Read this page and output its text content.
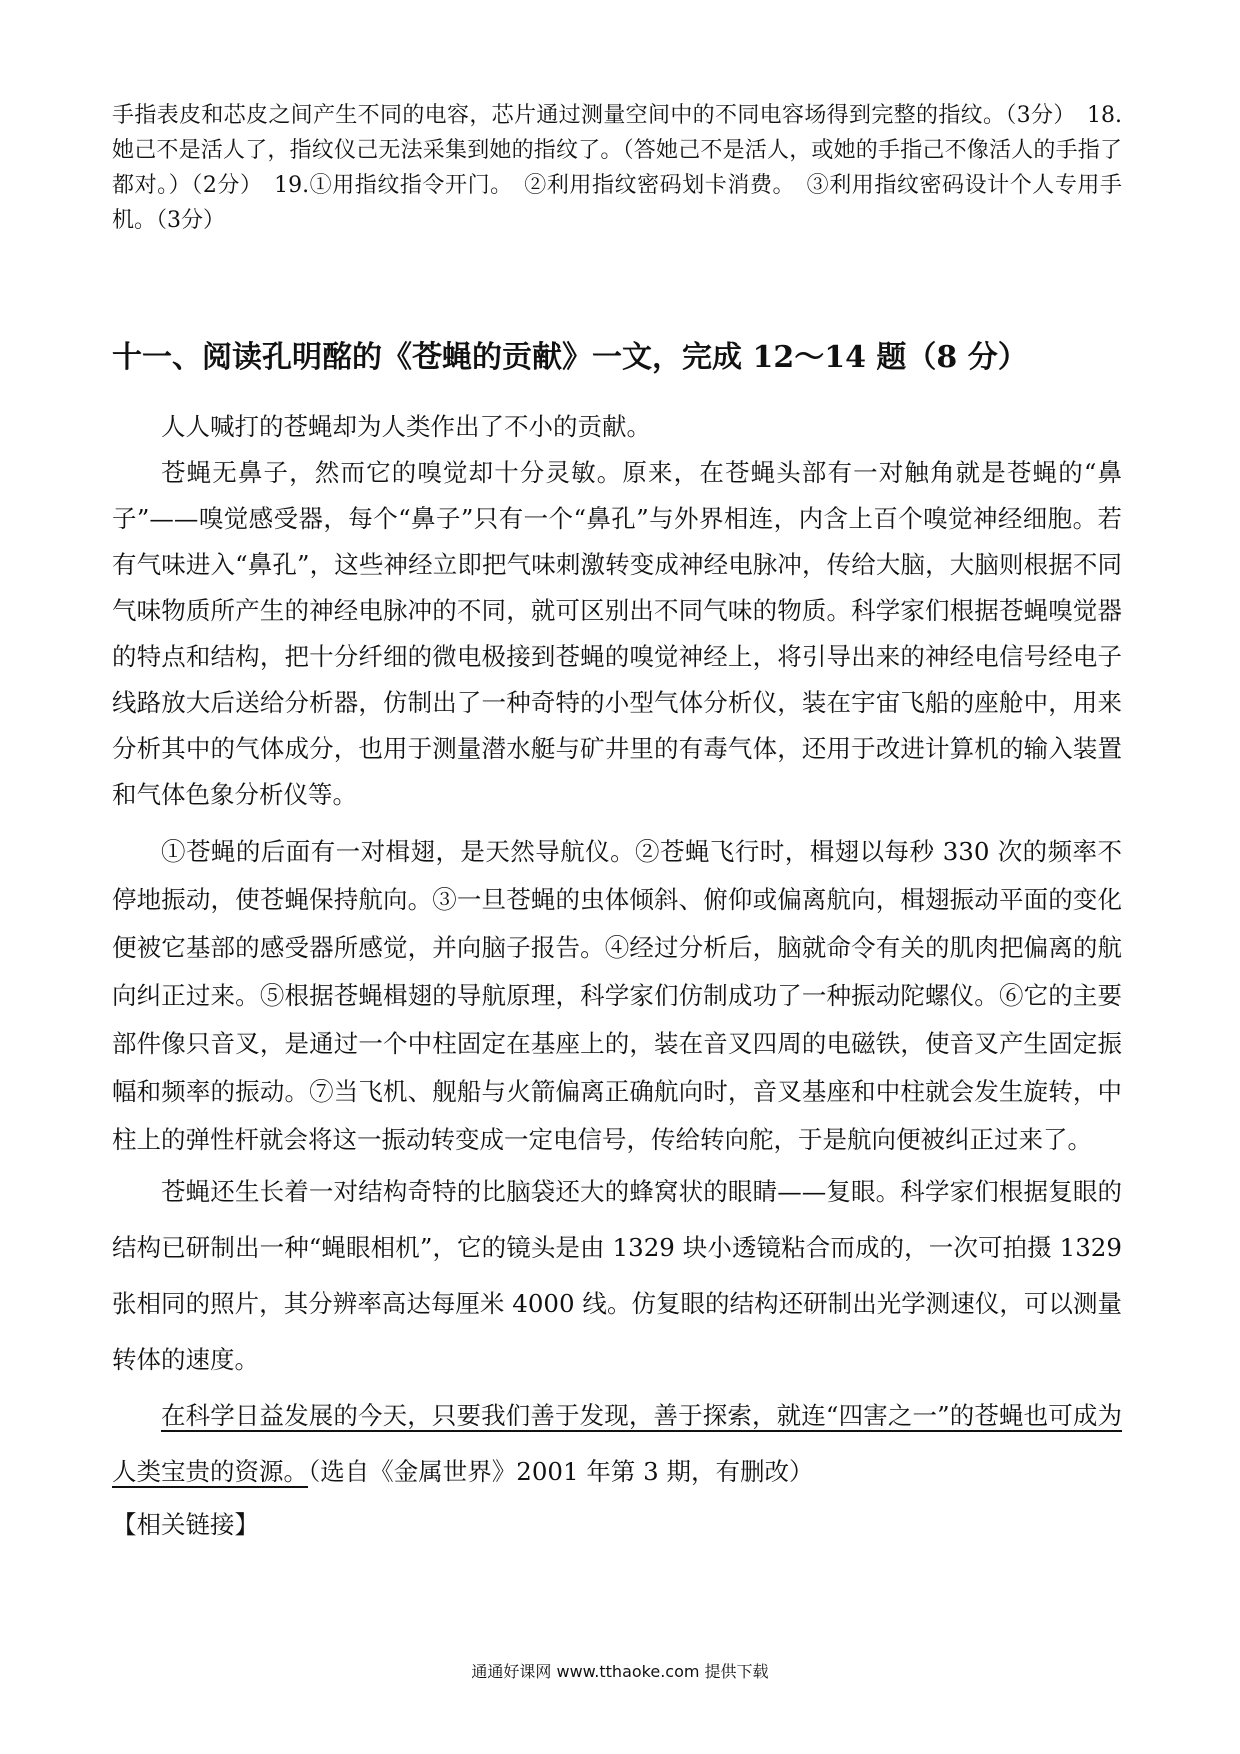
手指表皮和芯皮之间产生不同的电容，芯片通过测量空间中的不同电容场得到完整的指纹。（3分）　18.她己不是活人了，指纹仪己无法采集到她的指纹了。（答她己不是活人，或她的手指己不像活人的手指了都对。）（2分）　19.①用指纹指令开门。　②利用指纹密码划卡消费。　③利用指纹密码设计个人专用手机。（3分）
十一、阅读孔明酩的《苍蝇的贡献》一文，完成 12～14 题（8 分）

人人喊打的苍蝇却为人类作出了不小的贡献。

苍蝇无鼻子，然而它的嗅觉却十分灵敏。原来，在苍蝇头部有一对触角就是苍蝇的“鼻子”——嗅觉感受器，每个“鼻子”只有一个“鼻孔”与外界相连，内含上百个嗅觉神经细胞。若有气味进入“鼻孔”，这些神经立即把气味刺激转变成神经电脉冲，传给大脑，大脑则根据不同气味物质所产生的神经电脉冲的不同，就可区别出不同气味的物质。科学家们根据苍蝇嗅觉器的特点和结构，把十分纤细的微电极接到苍蝇的嗅觉神经上，将引导出来的神经电信号经电子线路放大后送给分析器，仿制出了一种奇特的小型气体分析仪，装在宇宙飞船的座舱中，用来分析其中的气体成分，也用于测量潜水艇与矿井里的有毒气体，还用于改进计算机的输入装置和气体色象分析仪等。

①苍蝇的后面有一对楫翅，是天然导航仪。②苍蝇飞行时，楫翅以每秒 330 次的频率不停地振动，使苍蝇保持航向。③一旦苍蝇的虫体倾斜、俯仰或偏离航向，楫翅振动平面的变化便被它基部的感受器所感觉，并向脑子报告。④经过分析后，脑就命令有关的肌肉把偏离的航向纠正过来。⑤根据苍蝇楫翅的导航原理，科学家们仿制成功了一种振动陀螺仪。⑥它的主要部件像只音叉，是通过一个中柱固定在基座上的，装在音叉四周的电磁铁，使音叉产生固定振幅和频率的振动。⑦当飞机、舰船与火箭偏离正确航向时，音叉基座和中柱就会发生旋转，中柱上的弹性杆就会将这一振动转变成一定电信号，传给转向舵，于是航向便被纠正过来了。

苍蝇还生长着一对结构奇特的比脑袋还大的蜂窝状的眼睛——复眼。科学家们根据复眼的结构已研制出一种“蝇眼相机”，它的镜头是由 1329 块小透镜粘合而成的，一次可拍摄 1329 张相同的照片，其分辨率高达每厘米 4000 线。仿复眼的结构还研制出光学测速仪，可以测量转体的速度。

在科学日益发展的今天，只要我们善于发现，善于探索，就连“四害之一”的苍蝇也可成为人类宝贵的资源。（选自《金属世界》2001 年第 3 期，有删改）

【相关链接】

通通好课网 www.tthaoke.com 提供下载
